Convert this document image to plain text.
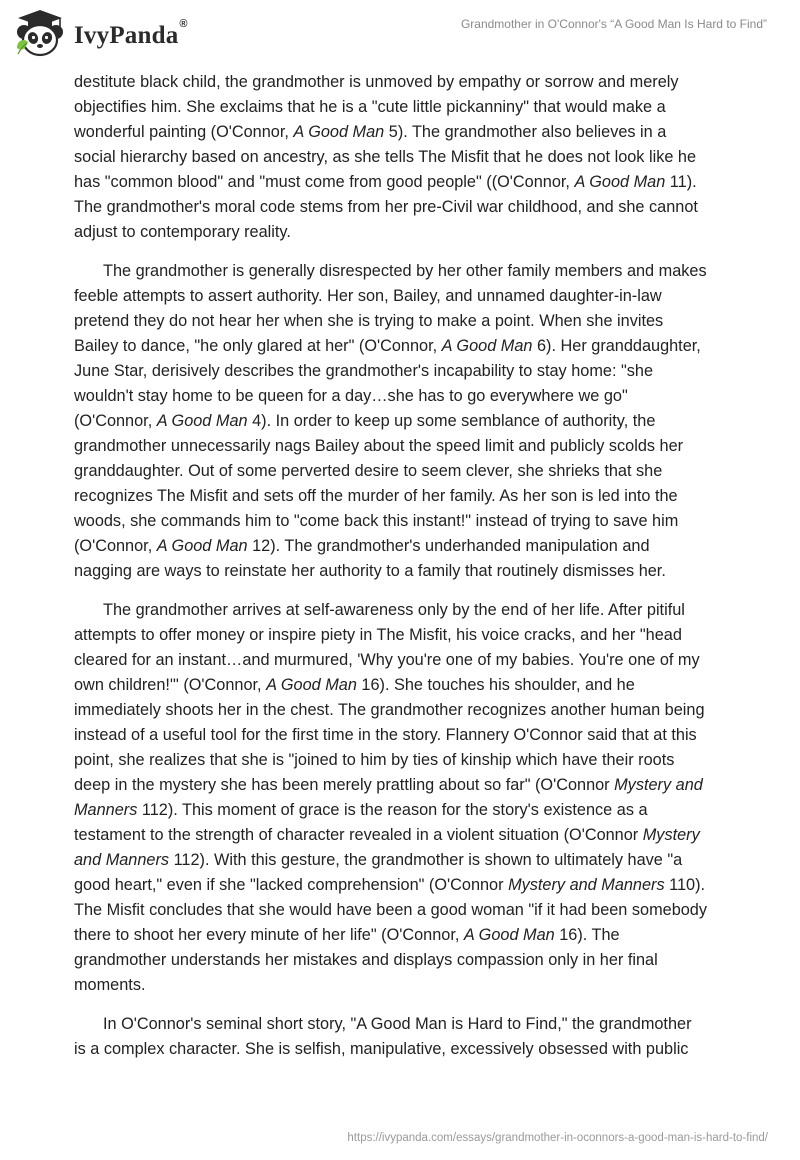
IvyPanda®	Grandmother in O'Connor's “A Good Man Is Hard to Find”

destitute black child, the grandmother is unmoved by empathy or sorrow and merely
objectifies him. She exclaims that he is a "cute little pickanniny" that would make a
wonderful painting (O'Connor, A Good Man 5). The grandmother also believes in a
social hierarchy based on ancestry, as she tells The Misfit that he does not look like he
has "common blood" and "must come from good people" ((O'Connor, A Good Man 11).
The grandmother's moral code stems from her pre-Civil war childhood, and she cannot
adjust to contemporary reality.

The grandmother is generally disrespected by her other family members and makes
feeble attempts to assert authority. Her son, Bailey, and unnamed daughter-in-law
pretend they do not hear her when she is trying to make a point. When she invites
Bailey to dance, "he only glared at her" (O'Connor, A Good Man 6). Her granddaughter,
June Star, derisively describes the grandmother's incapability to stay home: "she
wouldn't stay home to be queen for a day…she has to go everywhere we go"
(O'Connor, A Good Man 4). In order to keep up some semblance of authority, the
grandmother unnecessarily nags Bailey about the speed limit and publicly scolds her
granddaughter. Out of some perverted desire to seem clever, she shrieks that she
recognizes The Misfit and sets off the murder of her family. As her son is led into the
woods, she commands him to "come back this instant!" instead of trying to save him
(O'Connor, A Good Man 12). The grandmother's underhanded manipulation and
nagging are ways to reinstate her authority to a family that routinely dismisses her.

The grandmother arrives at self-awareness only by the end of her life. After pitiful
attempts to offer money or inspire piety in The Misfit, his voice cracks, and her "head
cleared for an instant…and murmured, 'Why you're one of my babies. You're one of my
own children!'" (O'Connor, A Good Man 16). She touches his shoulder, and he
immediately shoots her in the chest. The grandmother recognizes another human being
instead of a useful tool for the first time in the story. Flannery O'Connor said that at this
point, she realizes that she is "joined to him by ties of kinship which have their roots
deep in the mystery she has been merely prattling about so far" (O'Connor Mystery and
Manners 112). This moment of grace is the reason for the story's existence as a
testament to the strength of character revealed in a violent situation (O'Connor Mystery
and Manners 112). With this gesture, the grandmother is shown to ultimately have "a
good heart," even if she "lacked comprehension" (O'Connor Mystery and Manners 110).
The Misfit concludes that she would have been a good woman "if it had been somebody
there to shoot her every minute of her life" (O'Connor, A Good Man 16). The
grandmother understands her mistakes and displays compassion only in her final
moments.

In O'Connor's seminal short story, "A Good Man is Hard to Find," the grandmother
is a complex character. She is selfish, manipulative, excessively obsessed with public

https://ivypanda.com/essays/grandmother-in-oconnors-a-good-man-is-hard-to-find/
